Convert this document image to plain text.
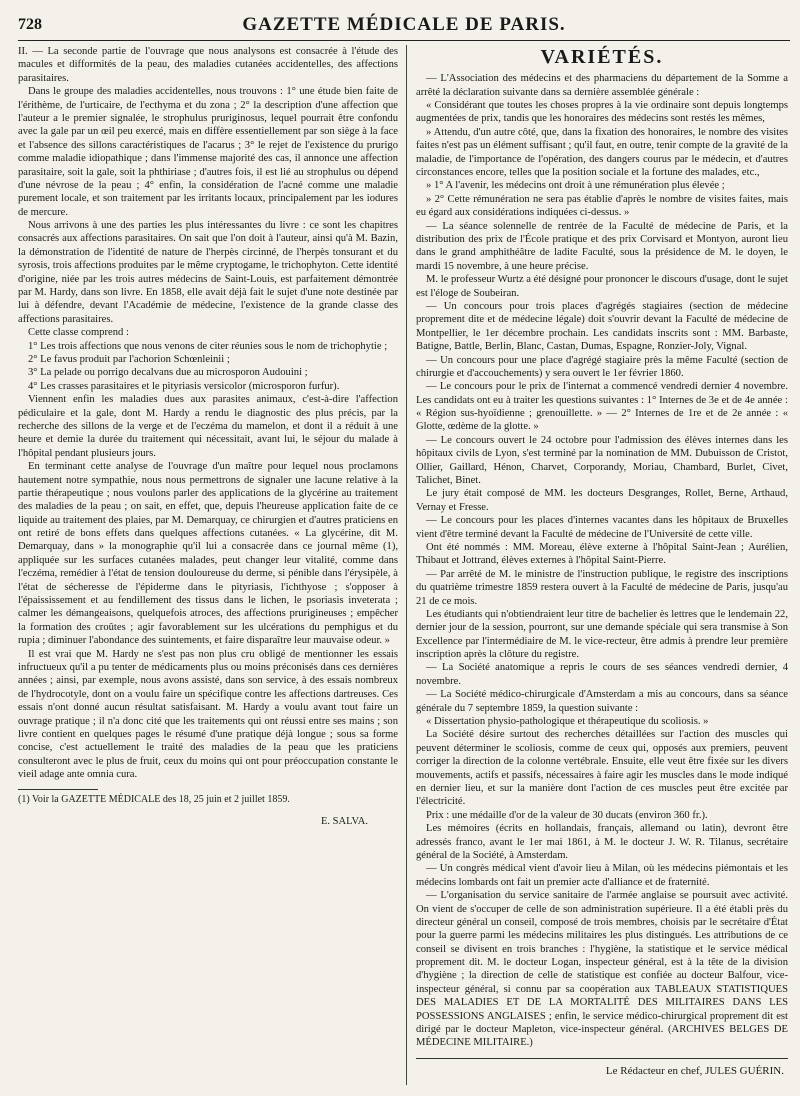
728	GAZETTE MÉDICALE DE PARIS.

II. — La seconde partie de l'ouvrage que nous analysons est consacrée à l'étude des macules et difformités de la peau, des maladies cutanées accidentelles, des affections parasitaires.

Dans le groupe des maladies accidentelles, nous trouvons : 1° une étude bien faite de l'érithème, de l'urticaire, de l'ecthyma et du zona ; 2° la description d'une affection que l'auteur a le premier signalée, le strophulus pruriginosus, lequel pourrait être confondu avec la gale par un œil peu exercé, mais en diffère essentiellement par son siège à la face et l'absence des sillons caractéristiques de l'acarus ; 3° le rejet de l'existence du prurigo comme maladie idiopathique ; dans l'immense majorité des cas, il annonce une affection parasitaire, soit la gale, soit la phthiriase ; d'autres fois, il est lié au strophulus ou dépend d'une névrose de la peau ; 4° enfin, la considération de l'acné comme une maladie purement locale, et son traitement par les irritants locaux, principalement par les iodures de mercure.

Nous arrivons à une des parties les plus intéressantes du livre : ce sont les chapitres consacrés aux affections parasitaires. On sait que l'on doit à l'auteur, ainsi qu'à M. Bazin, la démonstration de l'identité de nature de l'herpès circinné, de l'herpès tonsurant et du syrosis, trois affections produites par le même cryptogame, le trichophyton. Cette identité d'origine, niée par les trois autres médecins de Saint-Louis, est parfaitement démontrée par M. Hardy, dans son livre. En 1858, elle avait déjà fait le sujet d'une note destinée par lui à défendre, devant l'Académie de médecine, l'existence de la grande classe des affections parasitaires.

Cette classe comprend :

1° Les trois affections que nous venons de citer réunies sous le nom de trichophytie ;

2° Le favus produit par l'achorion Schœnleinii ;

3° La pelade ou porrigo decalvans due au microsporon Audouini ;

4° Les crasses parasitaires et le pityriasis versicolor (microsporon furfur).

Viennent enfin les maladies dues aux parasites animaux, c'est-à-dire l'affection pédiculaire et la gale, dont M. Hardy a rendu le diagnostic des plus précis, par la recherche des sillons de la verge et de l'eczéma du mamelon, et dont il a réduit à une heure et demie la durée du traitement qui nécessitait, avant lui, le séjour du malade à l'hôpital pendant plusieurs jours.

En terminant cette analyse de l'ouvrage d'un maître pour lequel nous proclamons hautement notre sympathie, nous nous permettrons de signaler une lacune relative à la partie thérapeutique ; nous voulons parler des applications de la glycérine au traitement des maladies de la peau ; on sait, en effet, que, depuis l'heureuse application faite de ce liquide au traitement des plaies, par M. Demarquay, ce chirurgien et d'autres praticiens en ont retiré de bons effets dans quelques affections cutanées. « La glycérine, dit M. Demarquay, dans » la monographie qu'il lui a consacrée dans ce journal même (1), appliquée sur les surfaces cutanées malades, peut changer leur vitalité, comme dans l'eczéma, remédier à l'état de tension douloureuse du derme, si pénible dans l'érysipèle, à l'état de sécheresse de l'épiderme dans le pityriasis, l'ichthyose ; s'opposer à l'épaississement et au fendillement des tissus dans le lichen, le psoriasis inveterata ; calmer les démangeaisons, quelquefois atroces, des affections prurigineuses ; empêcher la formation des croûtes ; agir favorablement sur les ulcérations du pemphigus et du rupia ; diminuer l'abondance des suintements, et faire disparaître leur mauvaise odeur. »

Il est vrai que M. Hardy ne s'est pas non plus cru obligé de mentionner les essais infructueux qu'il a pu tenter de médicaments plus ou moins préconisés dans ces dernières années ; ainsi, par exemple, nous avons assisté, dans son service, à des essais nombreux de l'hydrocotyle, dont on a voulu faire un spécifique contre les affections dartreuses. Ces essais n'ont donné aucun résultat satisfaisant. M. Hardy a voulu avant tout faire un ouvrage pratique ; il n'a donc cité que les traitements qui ont réussi entre ses mains ; son livre contient en quelques pages le résumé d'une pratique déjà longue ; sous sa forme concise, c'est actuellement le traité des maladies de la peau que les praticiens consulteront avec le plus de fruit, ceux du moins qui ont pour préoccupation constante le vieil adage ante omnia cura.

(1) Voir la GAZETTE MÉDICALE des 18, 25 juin et 2 juillet 1859.

E. SALVA.
VARIÉTÉS.

— L'Association des médecins et des pharmaciens du département de la Somme a arrêté la déclaration suivante dans sa dernière assemblée générale :

« Considérant que toutes les choses propres à la vie ordinaire sont depuis longtemps augmentées de prix, tandis que les honoraires des médecins sont restés les mêmes,

» Attendu, d'un autre côté, que, dans la fixation des honoraires, le nombre des visites faites n'est pas un élément suffisant ; qu'il faut, en outre, tenir compte de la gravité de la maladie, de l'importance de l'opération, des dangers courus par le médecin, et d'autres circonstances encore, telles que la position sociale et la fortune des malades, etc.,

» 1° A l'avenir, les médecins ont droit à une rémunération plus élevée ;

» 2° Cette rémunération ne sera pas établie d'après le nombre de visites faites, mais eu égard aux considérations indiquées ci-dessus. »

— La séance solennelle de rentrée de la Faculté de médecine de Paris, et la distribution des prix de l'École pratique et des prix Corvisard et Montyon, auront lieu dans le grand amphithéâtre de ladite Faculté, sous la présidence de M. le doyen, le mardi 15 novembre, à une heure précise.

M. le professeur Wurtz a été désigné pour prononcer le discours d'usage, dont le sujet est l'éloge de Soubeiran.

— Un concours pour trois places d'agrégés stagiaires (section de médecine proprement dite et de médecine légale) doit s'ouvrir devant la Faculté de médecine de Montpellier, le 1er décembre prochain. Les candidats inscrits sont : MM. Barbaste, Batigne, Battle, Berlin, Blanc, Castan, Dumas, Espagne, Ronzier-Joly, Vignal.

— Un concours pour une place d'agrégé stagiaire près la même Faculté (section de chirurgie et d'accouchements) y sera ouvert le 1er février 1860.

— Le concours pour le prix de l'internat a commencé vendredi dernier 4 novembre. Les candidats ont eu à traiter les questions suivantes : 1° Internes de 3e et de 4e année : « Région sus-hyoïdienne ; grenouillette. » — 2° Internes de 1re et de 2e année : « Glotte, œdème de la glotte. »

— Le concours ouvert le 24 octobre pour l'admission des élèves internes dans les hôpitaux civils de Lyon, s'est terminé par la nomination de MM. Dubuisson de Cristot, Ollier, Gaillard, Hénon, Charvet, Corporandy, Moriau, Chambard, Burlet, Civet, Talichet, Binet.

Le jury était composé de MM. les docteurs Desgranges, Rollet, Berne, Arthaud, Vernay et Fresse.

— Le concours pour les places d'internes vacantes dans les hôpitaux de Bruxelles vient d'être terminé devant la Faculté de médecine de l'Université de cette ville.

Ont été nommés : MM. Moreau, élève externe à l'hôpital Saint-Jean ; Aurélien, Thibaut et Jottrand, élèves externes à l'hôpital Saint-Pierre.

— Par arrêté de M. le ministre de l'instruction publique, le registre des inscriptions du quatrième trimestre 1859 restera ouvert à la Faculté de médecine de Paris, jusqu'au 21 de ce mois.

Les étudiants qui n'obtiendraient leur titre de bachelier ès lettres que le lendemain 22, dernier jour de la session, pourront, sur une demande spéciale qui sera transmise à Son Excellence par l'intermédiaire de M. le vice-recteur, être admis à prendre leur première inscription après la clôture du registre.

— La Société anatomique a repris le cours de ses séances vendredi dernier, 4 novembre.

— La Société médico-chirurgicale d'Amsterdam a mis au concours, dans sa séance générale du 7 septembre 1859, la question suivante :

« Dissertation physio-pathologique et thérapeutique du scoliosis. »

La Société désire surtout des recherches détaillées sur l'action des muscles qui peuvent déterminer le scoliosis, comme de ceux qui, opposés aux premiers, peuvent corriger la direction de la colonne vertébrale. Ensuite, elle veut être fixée sur les divers mouvements, actifs et passifs, nécessaires à faire agir les muscles dans le mode indiqué en dernier lieu, et sur la manière dont l'action de ces muscles peut être excitée par l'électricité.

Prix : une médaille d'or de la valeur de 30 ducats (environ 360 fr.).

Les mémoires (écrits en hollandais, français, allemand ou latin), devront être adressés franco, avant le 1er mai 1861, à M. le docteur J. W. R. Tilanus, secrétaire général de la Société, à Amsterdam.

— Un congrès médical vient d'avoir lieu à Milan, où les médecins piémontais et les médecins lombards ont fait un premier acte d'alliance et de fraternité.

— L'organisation du service sanitaire de l'armée anglaise se poursuit avec activité. On vient de s'occuper de celle de son administration supérieure. Il a été établi près du directeur général un conseil, composé de trois membres, choisis par le secrétaire d'État pour la guerre parmi les médecins militaires les plus distingués. Les attributions de ce conseil se divisent en trois branches : l'hygiène, la statistique et le service médical proprement dit. M. le docteur Logan, inspecteur général, est à la tête de la division d'hygiène ; la direction de celle de statistique est confiée au docteur Balfour, vice-inspecteur général, si connu par sa coopération aux TABLEAUX STATISTIQUES DES MALADIES ET DE LA MORTALITÉ DES MILITAIRES DANS LES POSSESSIONS ANGLAISES ; enfin, le service médico-chirurgical proprement dit est dirigé par le docteur Mapleton, vice-inspecteur général. (ARCHIVES BELGES DE MÉDECINE MILITAIRE.)

Le Rédacteur en chef, JULES GUÉRIN.
